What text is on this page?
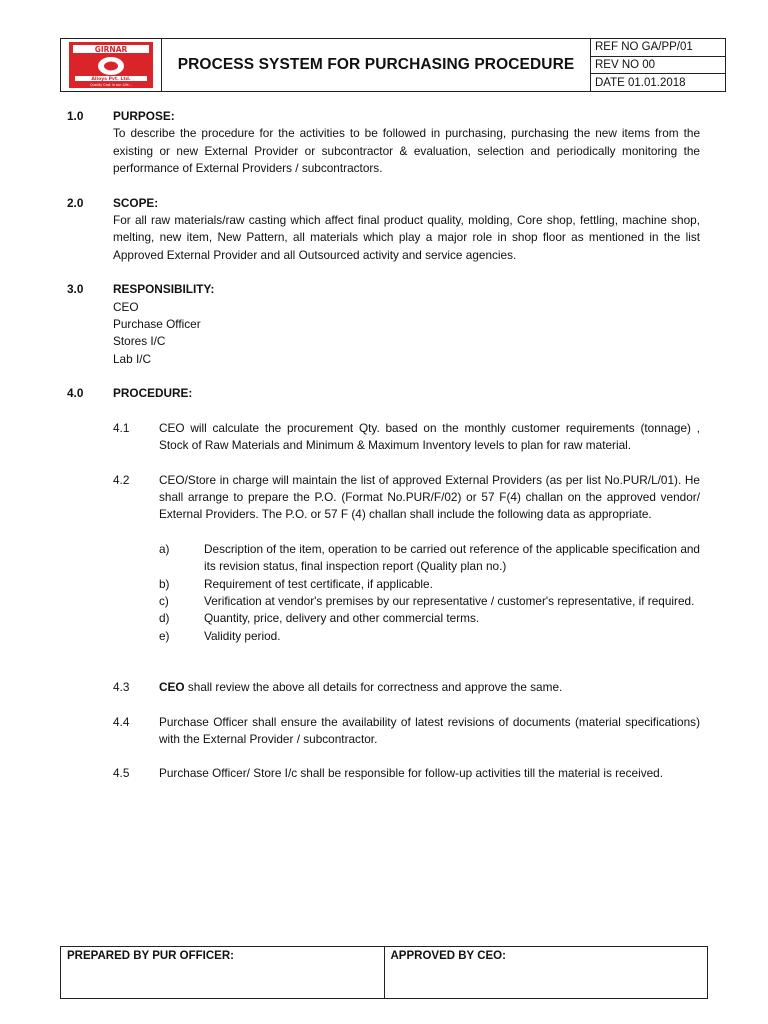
GIRNAR
Alloys Pvt. Ltd.
Quality Cast in our Life...
PROCESS SYSTEM FOR PURCHASING PROCEDURE
REF NO GA/PP/01
REV NO 00
DATE 01.01.2018
1.0	PURPOSE:
To describe the procedure for the activities to be followed in purchasing, purchasing the new items from the existing or new External Provider or subcontractor & evaluation, selection and periodically monitoring the performance of External Providers / subcontractors.
2.0	SCOPE:
For all raw materials/raw casting which affect final product quality, molding, Core shop, fettling, machine shop, melting, new item, New Pattern, all materials which play a major role in shop floor as mentioned in the list Approved External Provider and all Outsourced activity and service agencies.
3.0	RESPONSIBILITY:
CEO
Purchase Officer
Stores I/C
Lab I/C
4.0	PROCEDURE:
4.1	CEO will calculate the procurement Qty. based on the monthly customer requirements (tonnage) , Stock of Raw Materials and Minimum & Maximum Inventory levels to plan for raw material.
4.2	CEO/Store in charge will maintain the list of approved External Providers (as per list No.PUR/L/01). He shall arrange to prepare the P.O. (Format No.PUR/F/02) or 57 F(4) challan on the approved vendor/ External Providers. The P.O. or 57 F (4) challan shall include the following data as appropriate.
a)	Description of the item, operation to be carried out reference of the applicable specification and its revision status, final inspection report (Quality plan no.)
b)	Requirement of test certificate, if applicable.
c)	Verification at vendor's premises by our representative / customer's representative, if required.
d)	Quantity, price, delivery and other commercial terms.
e)	Validity period.
4.3	CEO shall review the above all details for correctness and approve the same.
4.4	Purchase Officer shall ensure the availability of latest revisions of documents (material specifications) with the External Provider / subcontractor.
4.5	Purchase Officer/ Store I/c shall be responsible for follow-up activities till the material is received.
PREPARED BY PUR OFFICER:	APPROVED BY CEO:
